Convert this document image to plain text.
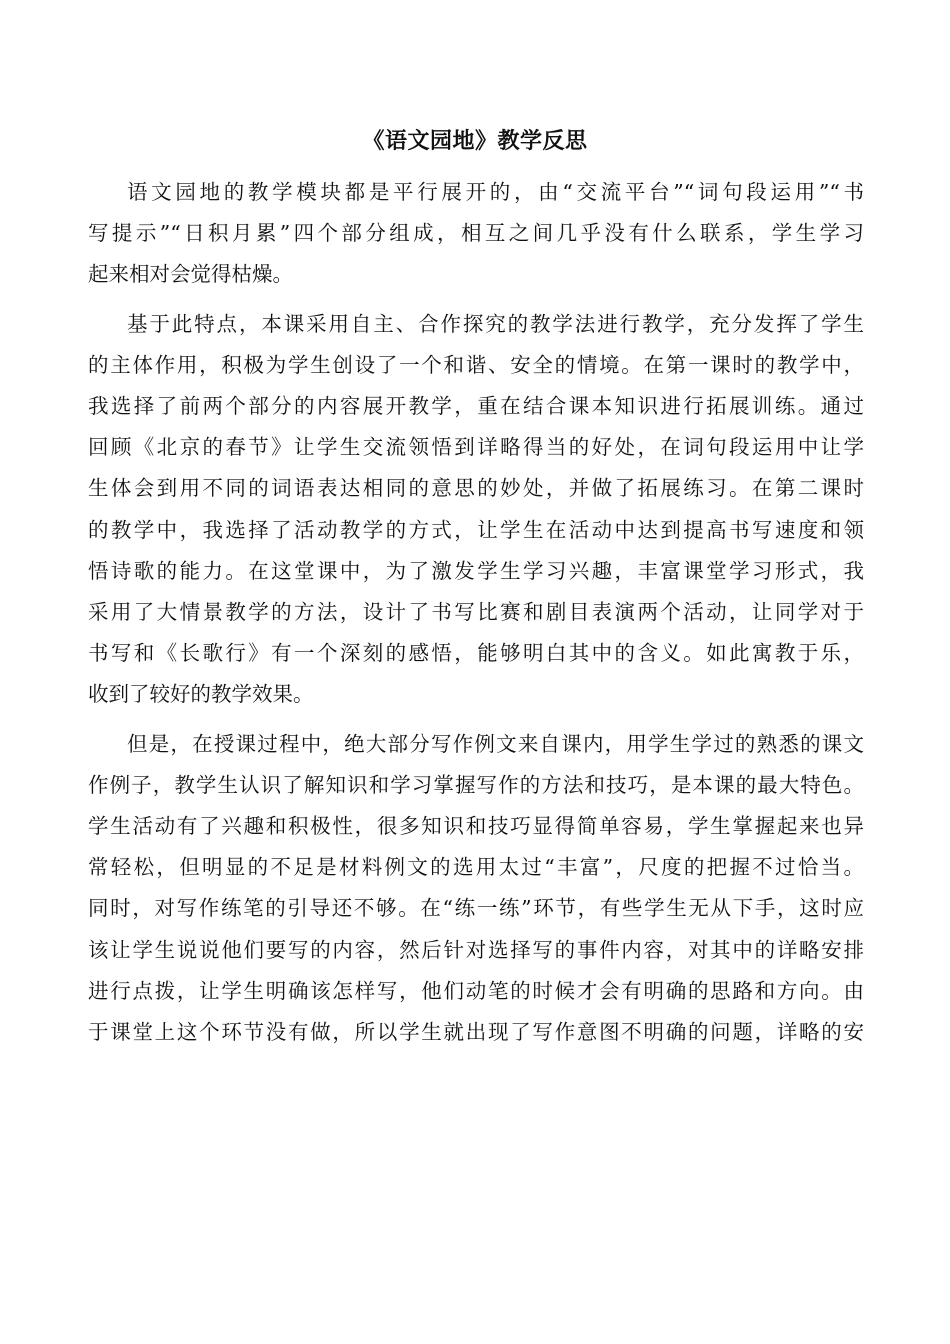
《语文园地》教学反思

语文园地的教学模块都是平行展开的，由“交流平台”“词句段运用”“书
写提示”“日积月累”四个部分组成，相互之间几乎没有什么联系，学生学习
起来相对会觉得枯燥。

基于此特点，本课采用自主、合作探究的教学法进行教学，充分发挥了学生
的主体作用，积极为学生创设了一个和谐、安全的情境。在第一课时的教学中，
我选择了前两个部分的内容展开教学，重在结合课本知识进行拓展训练。通过
回顾《北京的春节》让学生交流领悟到详略得当的好处，在词句段运用中让学
生体会到用不同的词语表达相同的意思的妙处，并做了拓展练习。在第二课时
的教学中，我选择了活动教学的方式，让学生在活动中达到提高书写速度和领
悟诗歌的能力。在这堂课中，为了激发学生学习兴趣，丰富课堂学习形式，我
采用了大情景教学的方法，设计了书写比赛和剧目表演两个活动，让同学对于
书写和《长歌行》有一个深刻的感悟，能够明白其中的含义。如此寓教于乐，
收到了较好的教学效果。

但是，在授课过程中，绝大部分写作例文来自课内，用学生学过的熟悉的课文
作例子，教学生认识了解知识和学习掌握写作的方法和技巧，是本课的最大特色。
学生活动有了兴趣和积极性，很多知识和技巧显得简单容易，学生掌握起来也异
常轻松，但明显的不足是材料例文的选用太过“丰富”，尺度的把握不过恰当。
同时，对写作练笔的引导还不够。在“练一练”环节，有些学生无从下手，这时应
该让学生说说他们要写的内容，然后针对选择写的事件内容，对其中的详略安排
进行点拨，让学生明确该怎样写，他们动笔的时候才会有明确的思路和方向。由
于课堂上这个环节没有做，所以学生就出现了写作意图不明确的问题，详略的安
